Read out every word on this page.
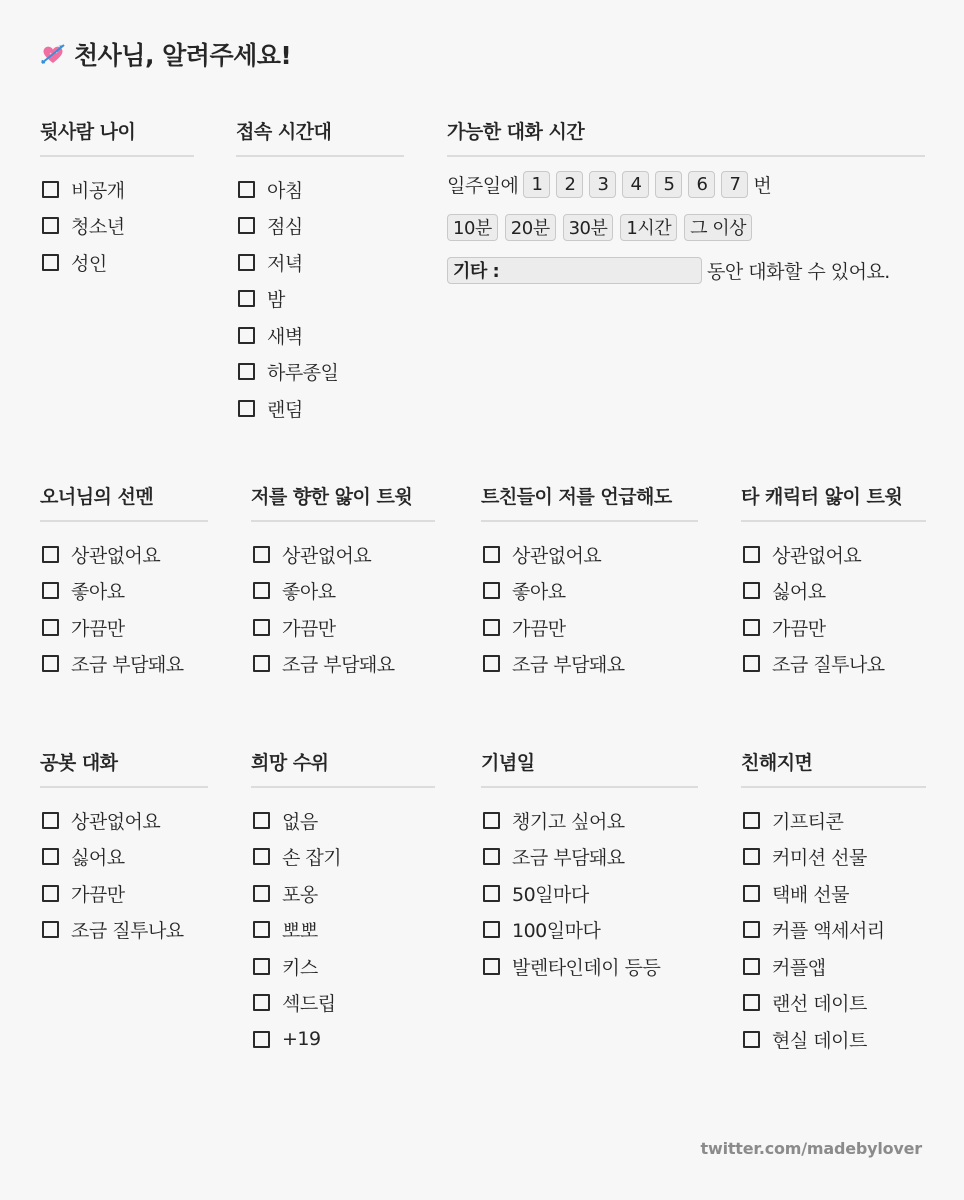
천사님, 알려주세요!
뒷사람 나이
비공개
청소년
성인
접속 시간대
아침
점심
저녁
밤
새벽
하루종일
랜덤
가능한 대화 시간
일주일에 1	2	3	4	5	6	7 번
10분	20분	30분	1시간	그 이상
기타 :	동안 대화할 수 있어요.
오너님의 선멘
상관없어요
좋아요
가끔만
조금 부담돼요
저를 향한 앓이 트윗
상관없어요
좋아요
가끔만
조금 부담돼요
트친들이 저를 언급해도
상관없어요
좋아요
가끔만
조금 부담돼요
타 캐릭터 앓이 트윗
상관없어요
싫어요
가끔만
조금 질투나요
공봇 대화
상관없어요
싫어요
가끔만
조금 질투나요
희망 수위
없음
손 잡기
포옹
뽀뽀
키스
섹드립
+19
기념일
챙기고 싶어요
조금 부담돼요
50일마다
100일마다
발렌타인데이 등등
친해지면
기프티콘
커미션 선물
택배 선물
커플 액세서리
커플앱
랜선 데이트
현실 데이트
twitter.com/madebylover
